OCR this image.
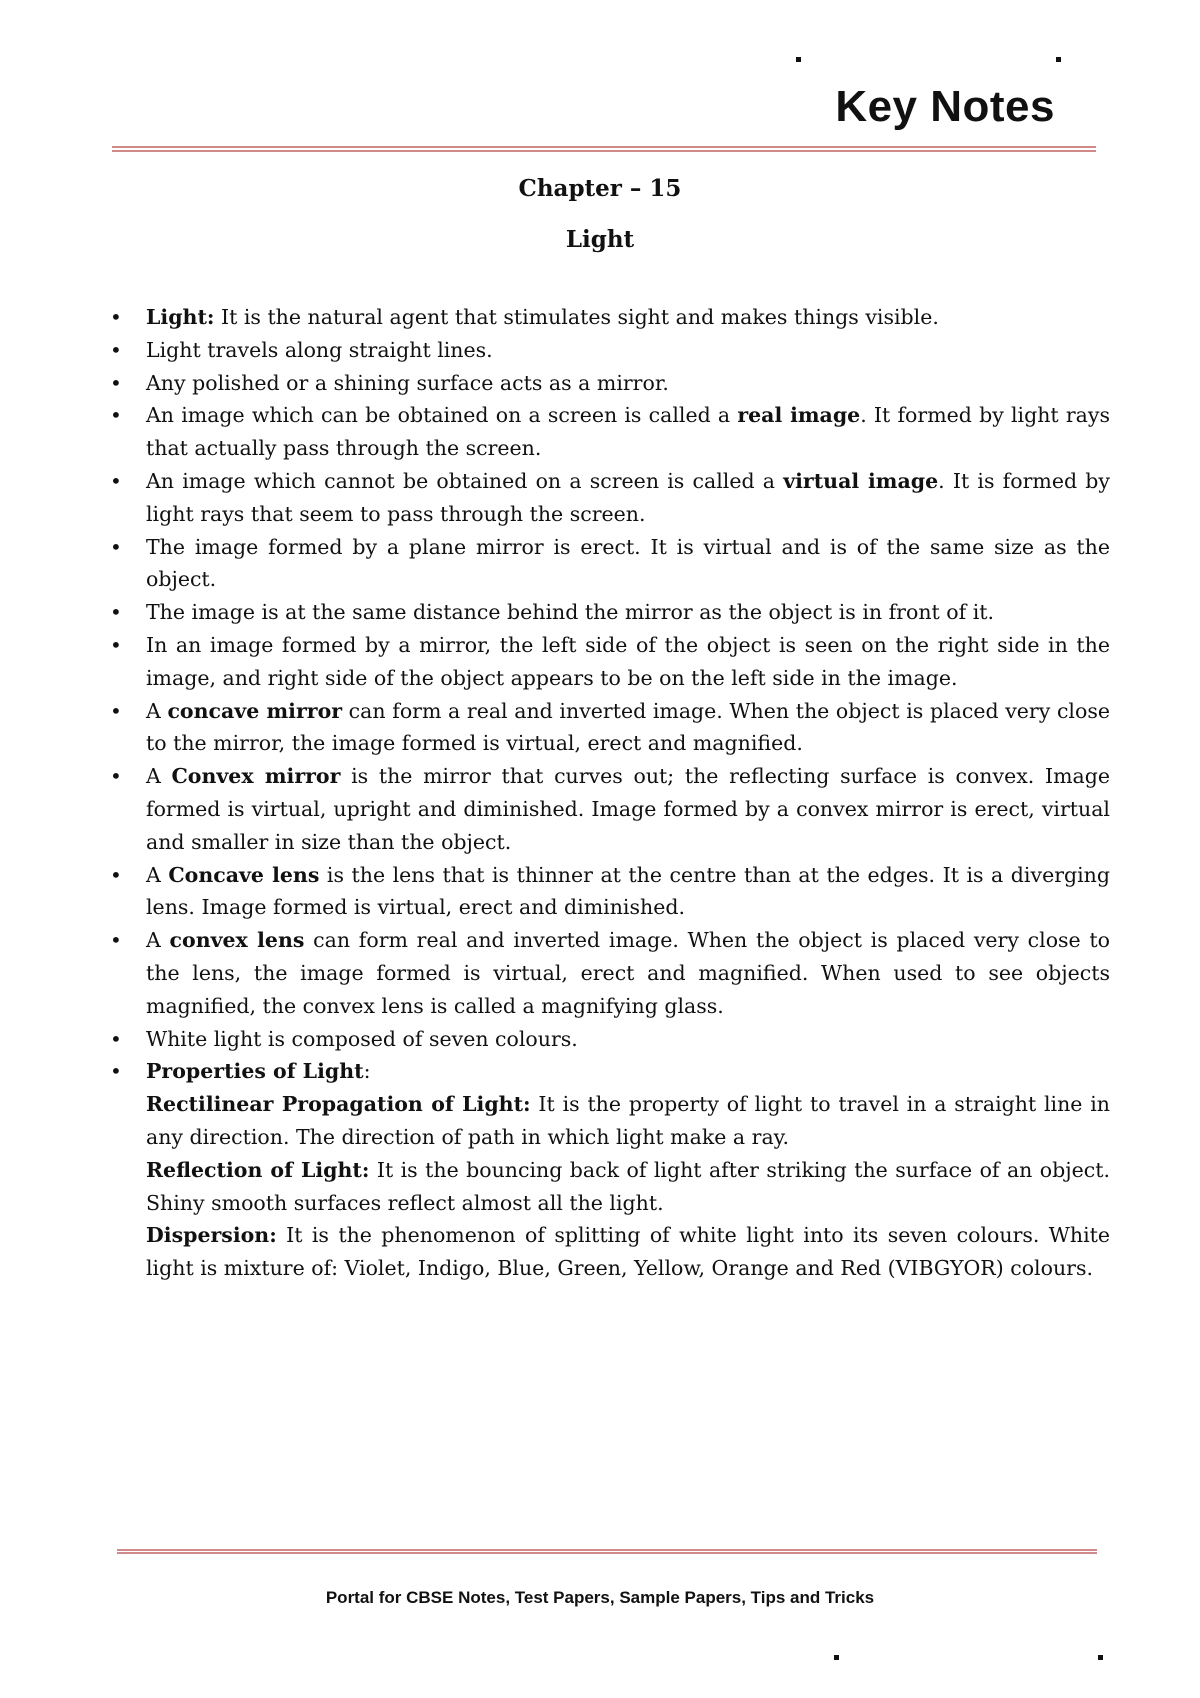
Key Notes
Chapter – 15
Light
• Light: It is the natural agent that stimulates sight and makes things visible.
• Light travels along straight lines.
• Any polished or a shining surface acts as a mirror.
• An image which can be obtained on a screen is called a real image. It formed by light rays that actually pass through the screen.
• An image which cannot be obtained on a screen is called a virtual image. It is formed by light rays that seem to pass through the screen.
• The image formed by a plane mirror is erect. It is virtual and is of the same size as the object.
• The image is at the same distance behind the mirror as the object is in front of it.
• In an image formed by a mirror, the left side of the object is seen on the right side in the image, and right side of the object appears to be on the left side in the image.
• A concave mirror can form a real and inverted image. When the object is placed very close to the mirror, the image formed is virtual, erect and magnified.
• A Convex mirror is the mirror that curves out; the reflecting surface is convex. Image formed is virtual, upright and diminished. Image formed by a convex mirror is erect, virtual and smaller in size than the object.
• A Concave lens is the lens that is thinner at the centre than at the edges. It is a diverging lens. Image formed is virtual, erect and diminished.
• A convex lens can form real and inverted image. When the object is placed very close to the lens, the image formed is virtual, erect and magnified. When used to see objects magnified, the convex lens is called a magnifying glass.
• White light is composed of seven colours.
• Properties of Light:
Rectilinear Propagation of Light: It is the property of light to travel in a straight line in any direction. The direction of path in which light make a ray.
Reflection of Light: It is the bouncing back of light after striking the surface of an object. Shiny smooth surfaces reflect almost all the light.
Dispersion: It is the phenomenon of splitting of white light into its seven colours. White light is mixture of: Violet, Indigo, Blue, Green, Yellow, Orange and Red (VIBGYOR) colours.
Portal for CBSE Notes, Test Papers, Sample Papers, Tips and Tricks
